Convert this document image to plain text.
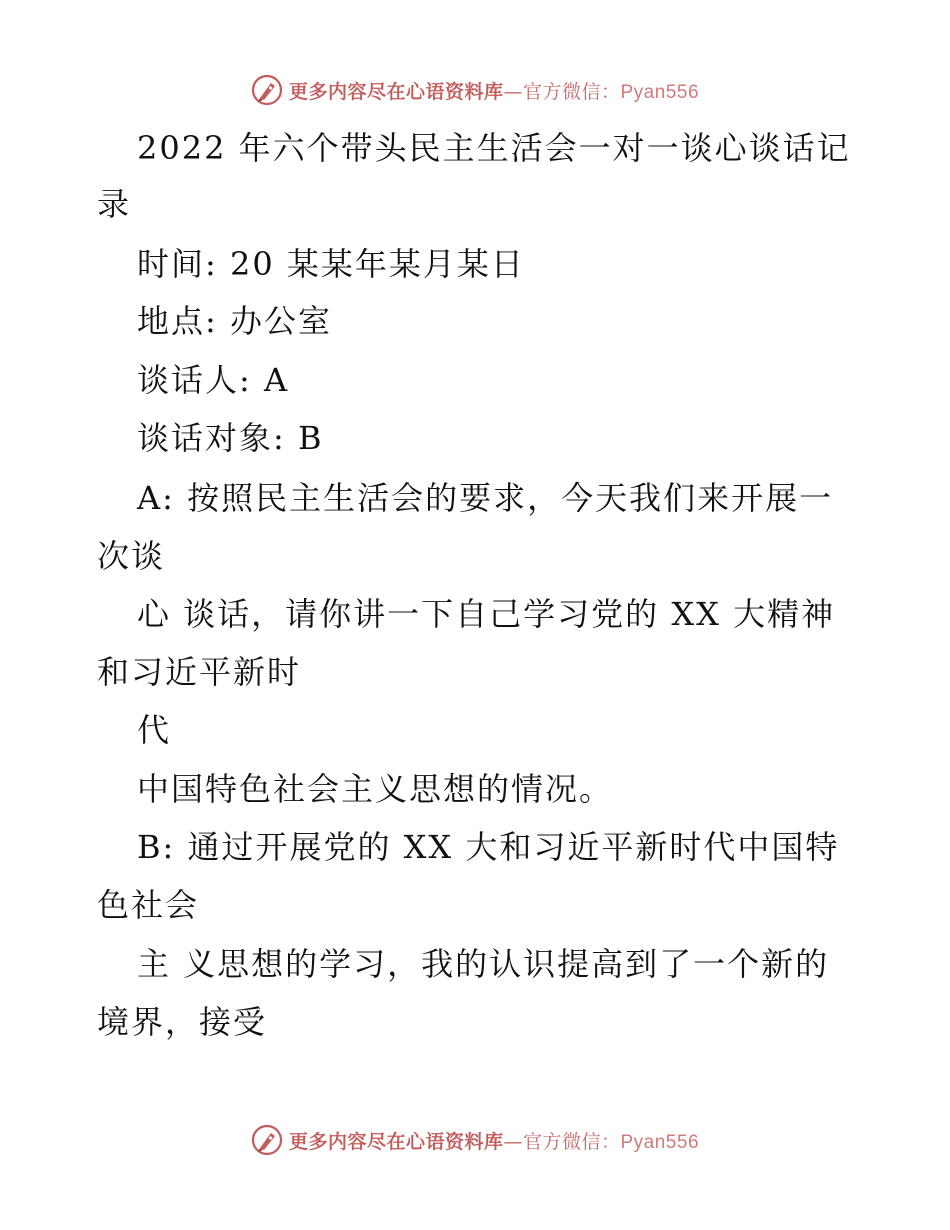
更多内容尽在心语资料库—官方微信：Pyan556
2022 年六个带头民主生活会一对一谈心谈话记
录
时间: 20 某某年某月某日
地点: 办公室
谈话人: A
谈话对象: B
A: 按照民主生活会的要求，今天我们来开展一
次谈
心 谈话，请你讲一下自己学习党的 XX 大精神
和习近平新时
代
中国特色社会主义思想的情况。
B: 通过开展党的 XX 大和习近平新时代中国特
色社会
主 义思想的学习，我的认识提高到了一个新的
境界，接受
更多内容尽在心语资料库—官方微信：Pyan556
